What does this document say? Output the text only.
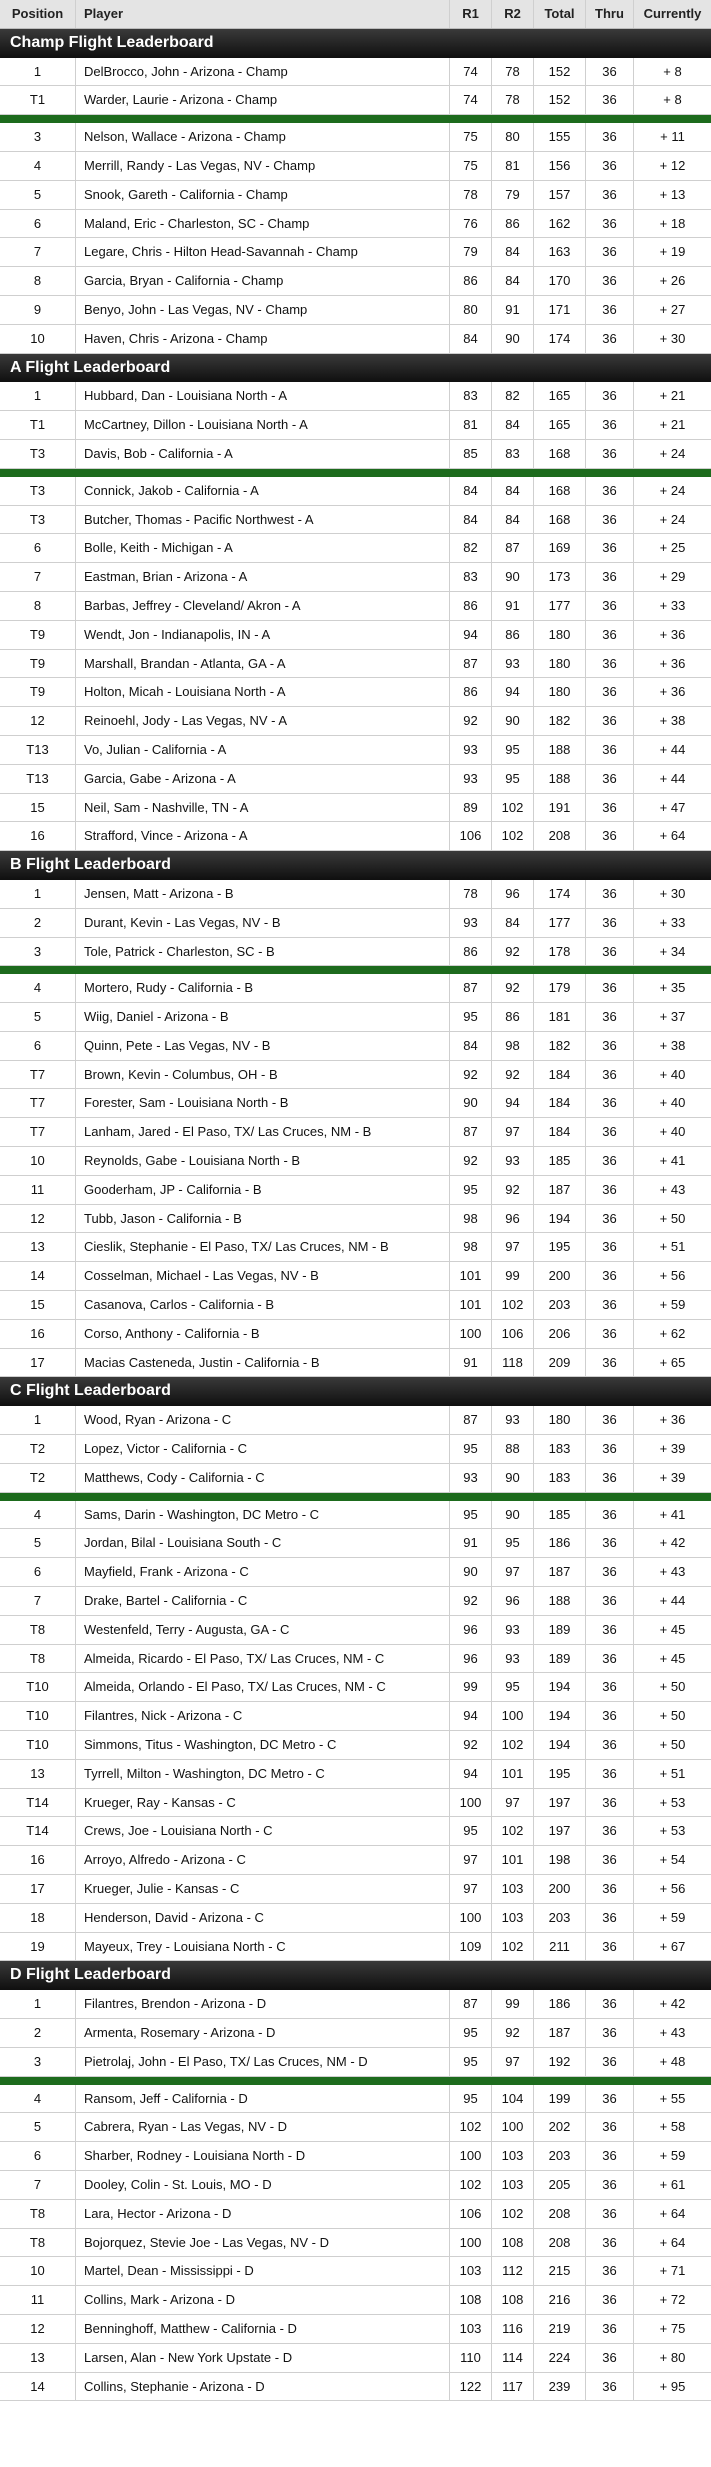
Position	Player	R1	R2	Total	Thru	Currently
Champ Flight Leaderboard
1	DelBrocco, John - Arizona - Champ	74	78	152	36	+ 8
T1	Warder, Laurie - Arizona - Champ	74	78	152	36	+ 8
3	Nelson, Wallace - Arizona - Champ	75	80	155	36	+ 11
4	Merrill, Randy - Las Vegas, NV - Champ	75	81	156	36	+ 12
5	Snook, Gareth - California - Champ	78	79	157	36	+ 13
6	Maland, Eric - Charleston, SC - Champ	76	86	162	36	+ 18
7	Legare, Chris - Hilton Head-Savannah - Champ	79	84	163	36	+ 19
8	Garcia, Bryan - California - Champ	86	84	170	36	+ 26
9	Benyo, John - Las Vegas, NV - Champ	80	91	171	36	+ 27
10	Haven, Chris - Arizona - Champ	84	90	174	36	+ 30
A Flight Leaderboard
1	Hubbard, Dan - Louisiana North - A	83	82	165	36	+ 21
T1	McCartney, Dillon - Louisiana North - A	81	84	165	36	+ 21
T3	Davis, Bob - California - A	85	83	168	36	+ 24
T3	Connick, Jakob - California - A	84	84	168	36	+ 24
T3	Butcher, Thomas - Pacific Northwest - A	84	84	168	36	+ 24
6	Bolle, Keith - Michigan - A	82	87	169	36	+ 25
7	Eastman, Brian - Arizona - A	83	90	173	36	+ 29
8	Barbas, Jeffrey - Cleveland/ Akron - A	86	91	177	36	+ 33
T9	Wendt, Jon - Indianapolis, IN - A	94	86	180	36	+ 36
T9	Marshall, Brandan - Atlanta, GA - A	87	93	180	36	+ 36
T9	Holton, Micah - Louisiana North - A	86	94	180	36	+ 36
12	Reinoehl, Jody - Las Vegas, NV - A	92	90	182	36	+ 38
T13	Vo, Julian - California - A	93	95	188	36	+ 44
T13	Garcia, Gabe - Arizona - A	93	95	188	36	+ 44
15	Neil, Sam - Nashville, TN - A	89	102	191	36	+ 47
16	Strafford, Vince - Arizona - A	106	102	208	36	+ 64
B Flight Leaderboard
1	Jensen, Matt - Arizona - B	78	96	174	36	+ 30
2	Durant, Kevin - Las Vegas, NV - B	93	84	177	36	+ 33
3	Tole, Patrick - Charleston, SC - B	86	92	178	36	+ 34
4	Mortero, Rudy - California - B	87	92	179	36	+ 35
5	Wiig, Daniel - Arizona - B	95	86	181	36	+ 37
6	Quinn, Pete - Las Vegas, NV - B	84	98	182	36	+ 38
T7	Brown, Kevin - Columbus, OH - B	92	92	184	36	+ 40
T7	Forester, Sam - Louisiana North - B	90	94	184	36	+ 40
T7	Lanham, Jared - El Paso, TX/ Las Cruces, NM - B	87	97	184	36	+ 40
10	Reynolds, Gabe - Louisiana North - B	92	93	185	36	+ 41
11	Gooderham, JP - California - B	95	92	187	36	+ 43
12	Tubb, Jason - California - B	98	96	194	36	+ 50
13	Cieslik, Stephanie - El Paso, TX/ Las Cruces, NM - B	98	97	195	36	+ 51
14	Cosselman, Michael - Las Vegas, NV - B	101	99	200	36	+ 56
15	Casanova, Carlos - California - B	101	102	203	36	+ 59
16	Corso, Anthony - California - B	100	106	206	36	+ 62
17	Macias Casteneda, Justin - California - B	91	118	209	36	+ 65
C Flight Leaderboard
1	Wood, Ryan - Arizona - C	87	93	180	36	+ 36
T2	Lopez, Victor - California - C	95	88	183	36	+ 39
T2	Matthews, Cody - California - C	93	90	183	36	+ 39
4	Sams, Darin - Washington, DC Metro - C	95	90	185	36	+ 41
5	Jordan, Bilal - Louisiana South - C	91	95	186	36	+ 42
6	Mayfield, Frank - Arizona - C	90	97	187	36	+ 43
7	Drake, Bartel - California - C	92	96	188	36	+ 44
T8	Westenfeld, Terry - Augusta, GA - C	96	93	189	36	+ 45
T8	Almeida, Ricardo - El Paso, TX/ Las Cruces, NM - C	96	93	189	36	+ 45
T10	Almeida, Orlando - El Paso, TX/ Las Cruces, NM - C	99	95	194	36	+ 50
T10	Filantres, Nick - Arizona - C	94	100	194	36	+ 50
T10	Simmons, Titus - Washington, DC Metro - C	92	102	194	36	+ 50
13	Tyrrell, Milton - Washington, DC Metro - C	94	101	195	36	+ 51
T14	Krueger, Ray - Kansas - C	100	97	197	36	+ 53
T14	Crews, Joe - Louisiana North - C	95	102	197	36	+ 53
16	Arroyo, Alfredo - Arizona - C	97	101	198	36	+ 54
17	Krueger, Julie - Kansas - C	97	103	200	36	+ 56
18	Henderson, David - Arizona - C	100	103	203	36	+ 59
19	Mayeux, Trey - Louisiana North - C	109	102	211	36	+ 67
D Flight Leaderboard
1	Filantres, Brendon - Arizona - D	87	99	186	36	+ 42
2	Armenta, Rosemary - Arizona - D	95	92	187	36	+ 43
3	Pietrolaj, John - El Paso, TX/ Las Cruces, NM - D	95	97	192	36	+ 48
4	Ransom, Jeff - California - D	95	104	199	36	+ 55
5	Cabrera, Ryan - Las Vegas, NV - D	102	100	202	36	+ 58
6	Sharber, Rodney - Louisiana North - D	100	103	203	36	+ 59
7	Dooley, Colin - St. Louis, MO - D	102	103	205	36	+ 61
T8	Lara, Hector - Arizona - D	106	102	208	36	+ 64
T8	Bojorquez, Stevie Joe - Las Vegas, NV - D	100	108	208	36	+ 64
10	Martel, Dean - Mississippi - D	103	112	215	36	+ 71
11	Collins, Mark - Arizona - D	108	108	216	36	+ 72
12	Benninghoff, Matthew - California - D	103	116	219	36	+ 75
13	Larsen, Alan - New York Upstate - D	110	114	224	36	+ 80
14	Collins, Stephanie - Arizona - D	122	117	239	36	+ 95
